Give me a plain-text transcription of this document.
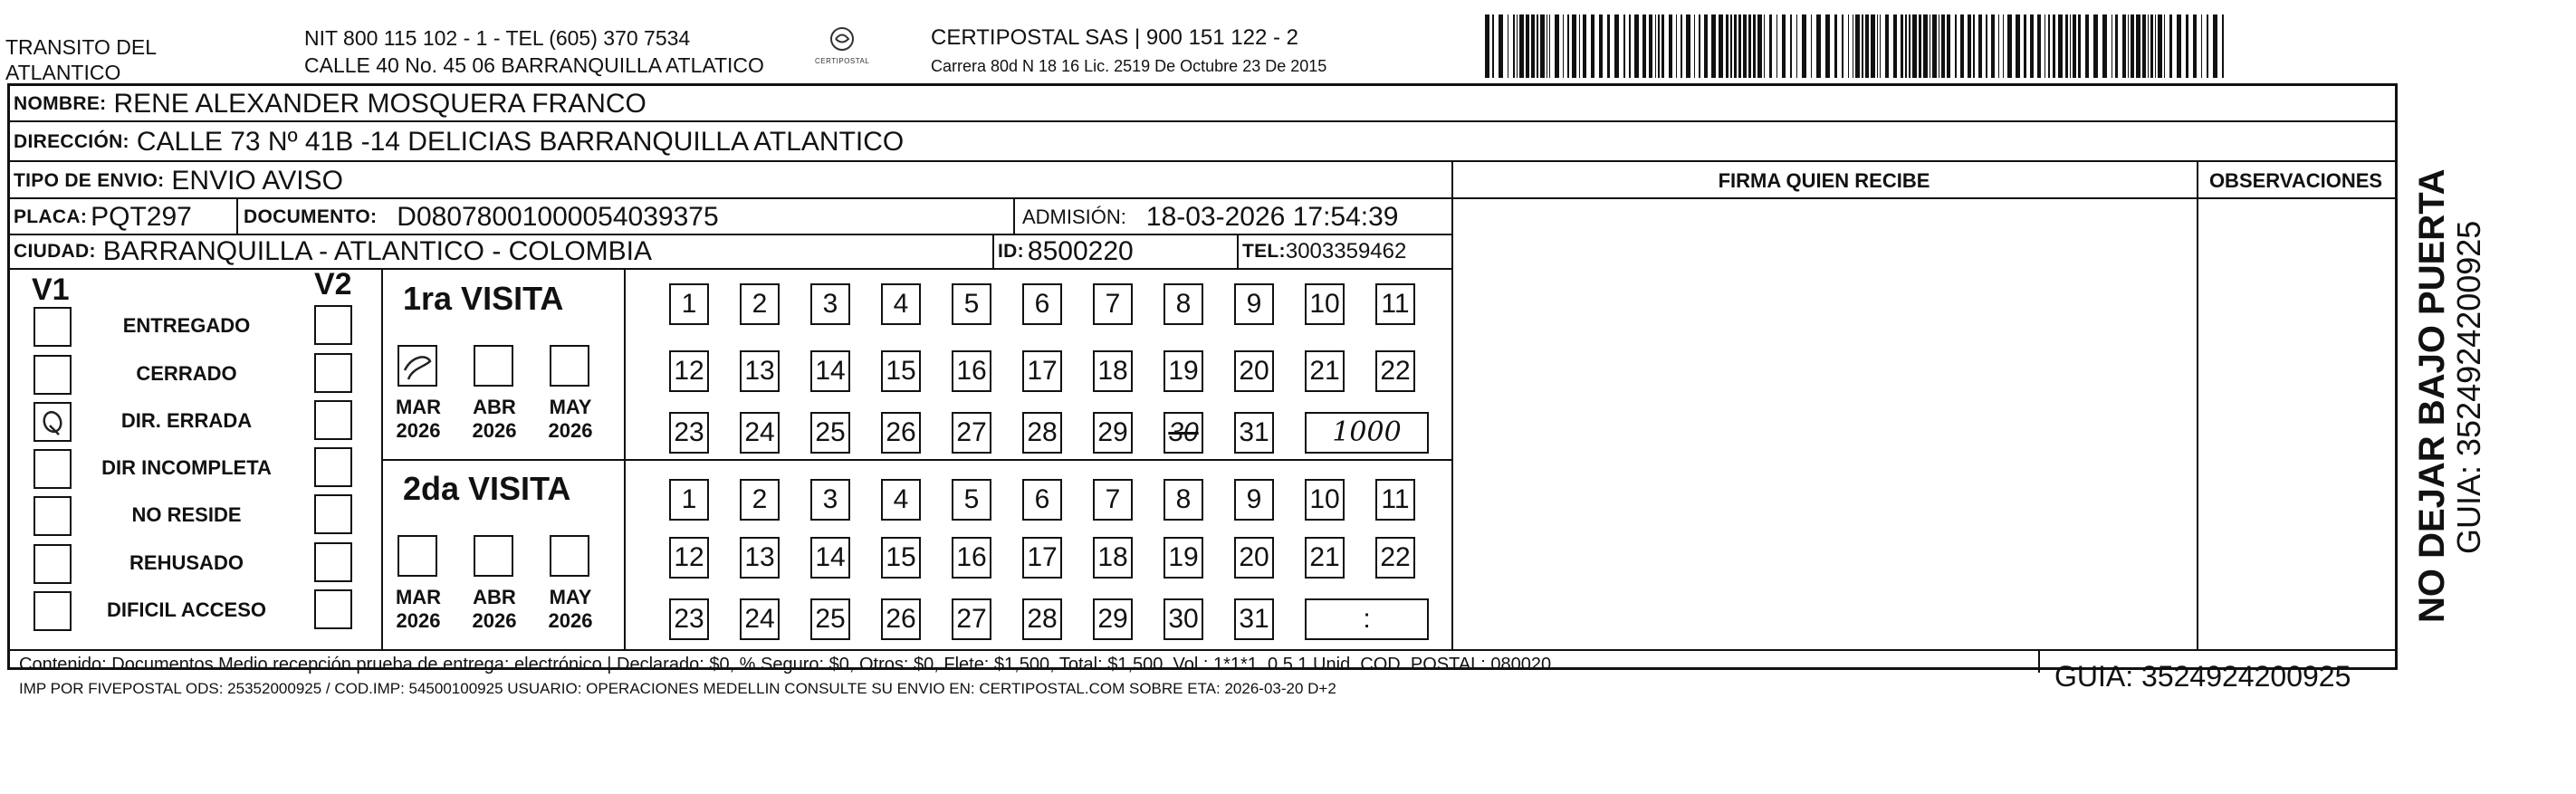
TRANSITO DEL
ATLANTICO
NIT 800 115 102 - 1 - TEL (605) 370 7534
CALLE 40 No. 45 06 BARRANQUILLA ATLATICO	CERTIPOSTAL
CERTIPOSTAL SAS | 900 151 122 - 2
Carrera 80d N 18 16 Lic. 2519 De Octubre 23 De 2015
NOMBRE: RENE ALEXANDER MOSQUERA FRANCO
DIRECCIÓN: CALLE 73 Nº 41B -14 DELICIAS BARRANQUILLA ATLANTICO
TIPO DE ENVIO: ENVIO AVISO	FIRMA QUIEN RECIBE	OBSERVACIONES
PLACA: PQT297	DOCUMENTO: D08078001000054039375	ADMISIÓN: 18-03-2026 17:54:39
CIUDAD: BARRANQUILLA - ATLANTICO - COLOMBIA	ID: 8500220	TEL: 3003359462
V1	V2
ENTREGADO
CERRADO
DIR. ERRADA
DIR INCOMPLETA
NO RESIDE
REHUSADO
DIFICIL ACCESO
1ra VISITA
MAR
2026
ABR
2026
MAY
2026
1	2	3	4	5	6	7	8	9	10 11
12 13 14 15 16 17 18 19 20 21 22
23 24 25 26 27 28 29 30 31	1000
2da VISITA
MAR
2026
ABR
2026
MAY
2026
1	2	3	4	5	6	7	8	9	10 11
12 13 14 15 16 17 18 19 20 21 22
23 24 25 26 27 28 29 30 31	:
Contenido: Documentos Medio recepción prueba de entrega: electrónico | Declarado: $0, % Seguro: $0, Otros: $0, Flete: $1,500, Total: $1,500. Vol.: 1*1*1. 0.5 1 Unid. COD. POSTAL: 080020
IMP POR FIVEPOSTAL ODS: 25352000925 / COD.IMP: 54500100925 USUARIO: OPERACIONES MEDELLIN CONSULTE SU ENVIO EN: CERTIPOSTAL.COM SOBRE ETA: 2026-03-20 D+2	GUIA: 3524924200925
NO DEJAR BAJO PUERTA
GUIA: 3524924200925
